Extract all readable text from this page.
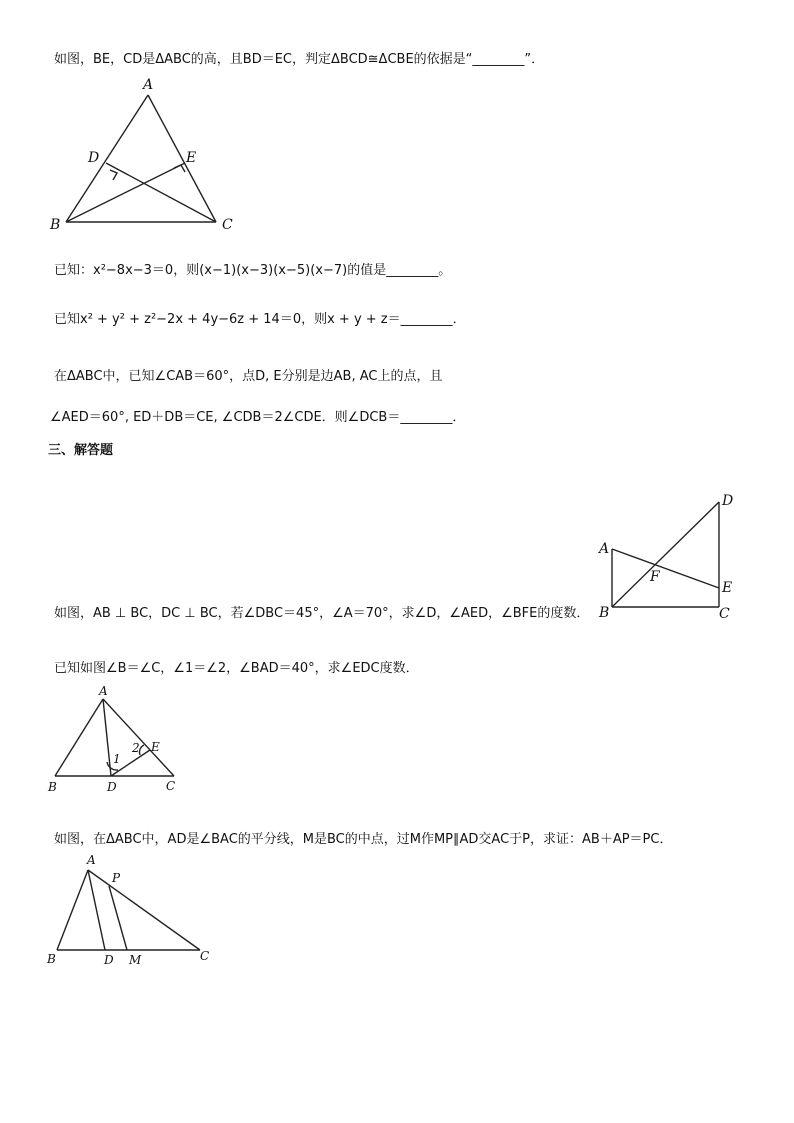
如图，BE，CD是ΔABC的高，且BD＝EC，判定ΔBCD≅ΔCBE的依据是“________”．
A
D	E
B	C
已知：x²−8x−3＝0，则(x−1)(x−3)(x−5)(x−7)的值是________。
已知x² + y² + z²−2x + 4y−6z + 14＝0，则x + y + z＝________．
在ΔABC中，已知∠CAB＝60°，点D, E分别是边AB, AC上的点，且
∠AED＝60°, ED＋DB＝CE, ∠CDB＝2∠CDE．则∠DCB＝________．
三、解答题
D
A
F
E
B	C
如图，AB ⊥ BC，DC ⊥ BC，若∠DBC＝45°，∠A＝70°，求∠D，∠AED，∠BFE的度数．
已知如图∠B＝∠C，∠1＝∠2，∠BAD＝40°，求∠EDC度数．
A
E
2
1
B	D	C
如图，在ΔABC中，AD是∠BAC的平分线，M是BC的中点，过M作MP∥AD交AC于P，求证：AB＋AP＝PC．
A
P
B	D M	C
